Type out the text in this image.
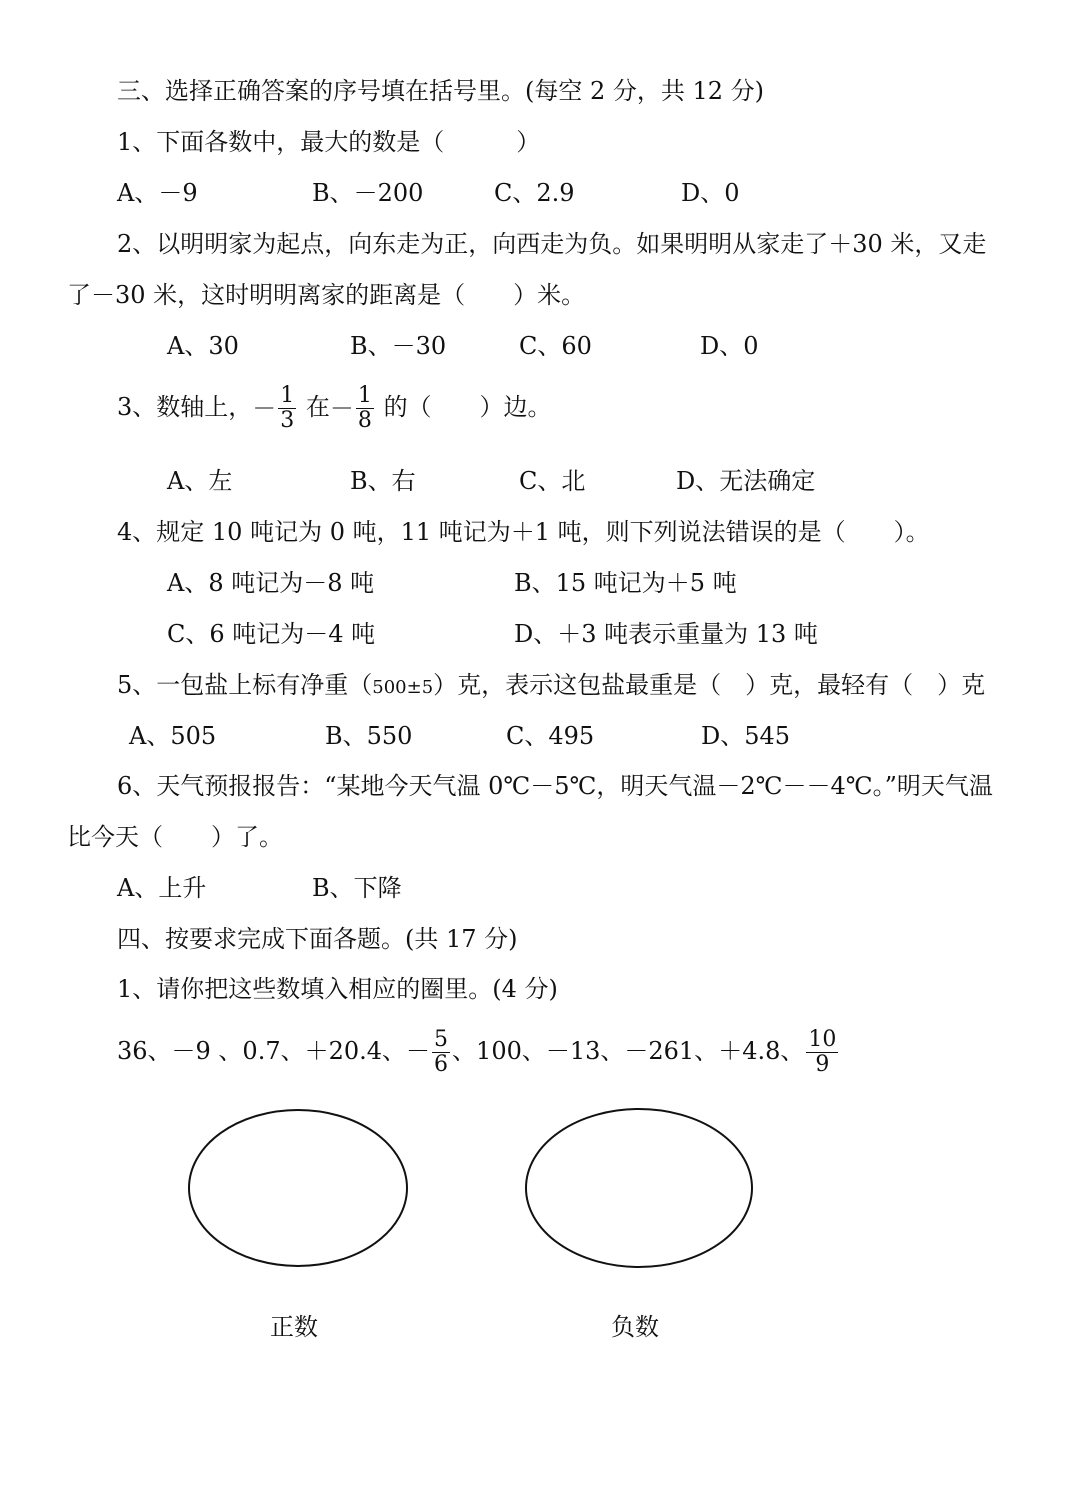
三、选择正确答案的序号填在括号里。(每空 2 分，共 12 分)
1、下面各数中，最大的数是（　　　）
A、－9	B、－200	C、2.9	D、0
2、以明明家为起点，向东走为正，向西走为负。如果明明从家走了＋30 米，又走
了－30 米，这时明明离家的距离是（　　）米。
A、30	B、－30	C、60	D、0
3、数轴上，－ $\frac{1}{3}$ 在－ $\frac{1}{8}$ 的（　　）边。
A、左	B、右	C、北	D、无法确定
4、规定 10 吨记为 0 吨，11 吨记为＋1 吨，则下列说法错误的是（　　）。
A、8 吨记为－8 吨	B、15 吨记为＋5 吨
C、6 吨记为－4 吨	D、＋3 吨表示重量为 13 吨
5、一包盐上标有净重（500±5）克，表示这包盐最重是（　）克，最轻有（　）克
A、505	B、550	C、495	D、545
6、天气预报报告：“某地今天气温 0℃－5℃，明天气温－2℃－－4℃。”明天气温
比今天（　　）了。
A、上升	B、下降
四、按要求完成下面各题。(共 17 分)
1、请你把这些数填入相应的圈里。(4 分)
36、－9 、0.7、＋20.4、－ $\frac{5}{6}$ 、100、－13、－261、＋4.8、 $\frac{10}{9}$
正数	负数
